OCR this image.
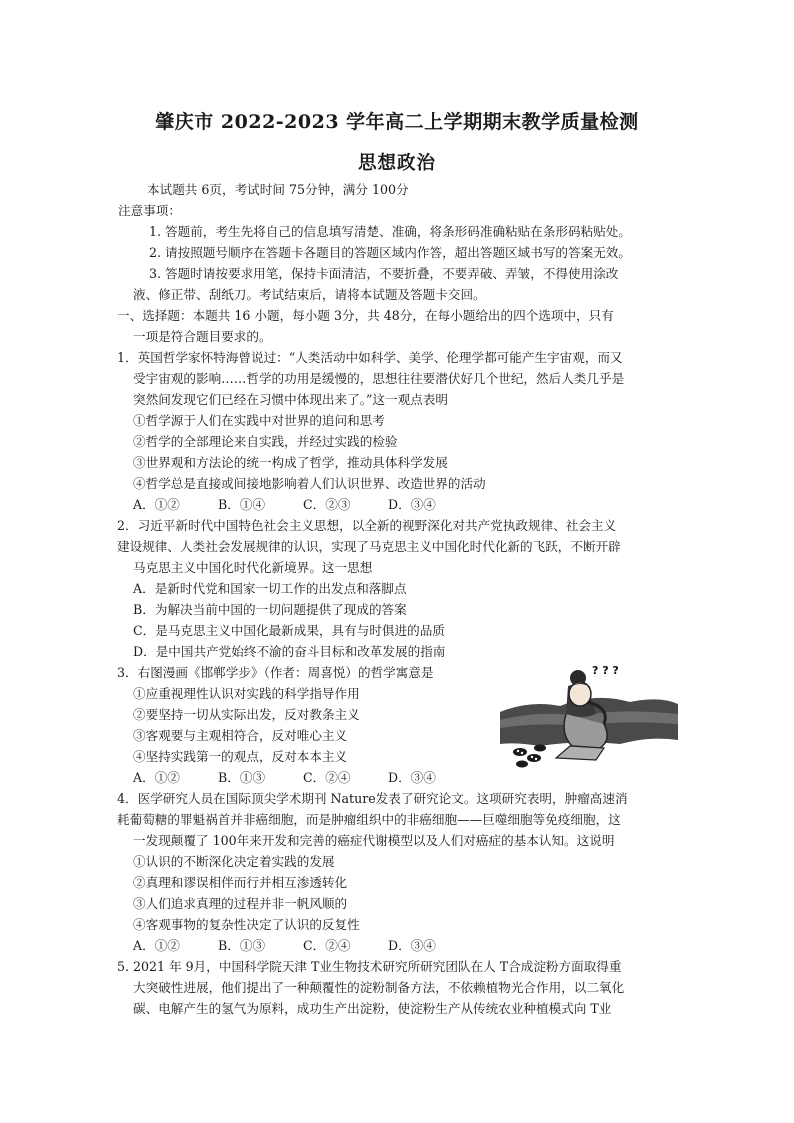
肇庆市 2022-2023 学年高二上学期期末教学质量检测
思想政治
本试题共 6页，考试时间 75分钟，满分 100分
注意事项：
1. 答题前，考生先将自己的信息填写清楚、准确，将条形码准确粘贴在条形码粘贴处。
2. 请按照题号顺序在答题卡各题目的答题区域内作答，超出答题区域书写的答案无效。
3. 答题时请按要求用笔，保持卡面清洁，不要折叠，不要弄破、弄皱，不得使用涂改
液、修正带、刮纸刀。考试结束后，请将本试题及答题卡交回。
一、选择题：本题共 16 小题，每小题 3分，共 48分，在每小题给出的四个选项中，只有
一项是符合题目要求的。
1．英国哲学家怀特海曾说过：“人类活动中如科学、美学、伦理学都可能产生宇宙观，而又
受宇宙观的影响……哲学的功用是缓慢的，思想往往要潜伏好几个世纪，然后人类几乎是
突然间发现它们已经在习惯中体现出来了。”这一观点表明
①哲学源于人们在实践中对世界的追问和思考
②哲学的全部理论来自实践，并经过实践的检验
③世界观和方法论的统一构成了哲学，推动具体科学发展
④哲学总是直接或间接地影响着人们认识世界、改造世界的活动
A．①②	B．①④	C．②③	D．③④
2．习近平新时代中国特色社会主义思想，以全新的视野深化对共产党执政规律、社会主义
建设规律、人类社会发展规律的认识，实现了马克思主义中国化时代化新的飞跃，不断开辟
马克思主义中国化时代化新境界。这一思想
A．是新时代党和国家一切工作的出发点和落脚点
B．为解决当前中国的一切问题提供了现成的答案
C．是马克思主义中国化最新成果，具有与时俱进的品质
D．是中国共产党始终不渝的奋斗目标和改革发展的指南
3．右图漫画《邯郸学步》（作者：周喜悦）的哲学寓意是
①应重视理性认识对实践的科学指导作用
②要坚持一切从实际出发，反对教条主义
③客观要与主观相符合，反对唯心主义
④坚持实践第一的观点，反对本本主义
A．①②	B．①③	C．②④	D．③④
? ? ?
4．医学研究人员在国际顶尖学术期刊 Nature发表了研究论文。这项研究表明，肿瘤高速消
耗葡萄糖的罪魁祸首并非癌细胞，而是肿瘤组织中的非癌细胞——巨噬细胞等免疫细胞，这
一发现颠覆了 100年来开发和完善的癌症代谢模型以及人们对癌症的基本认知。这说明
①认识的不断深化决定着实践的发展
②真理和谬误相伴而行并相互渗透转化
③人们追求真理的过程并非一帆风顺的
④客观事物的复杂性决定了认识的反复性
A．①②	B．①③	C．②④	D．③④
5. 2021 年 9月，中国科学院天津 T业生物技术研究所研究团队在人 T合成淀粉方面取得重
大突破性进展，他们提出了一种颠覆性的淀粉制备方法，不依赖植物光合作用，以二氧化
碳、电解产生的氢气为原料，成功生产出淀粉，使淀粉生产从传统农业种植模式向 T业
